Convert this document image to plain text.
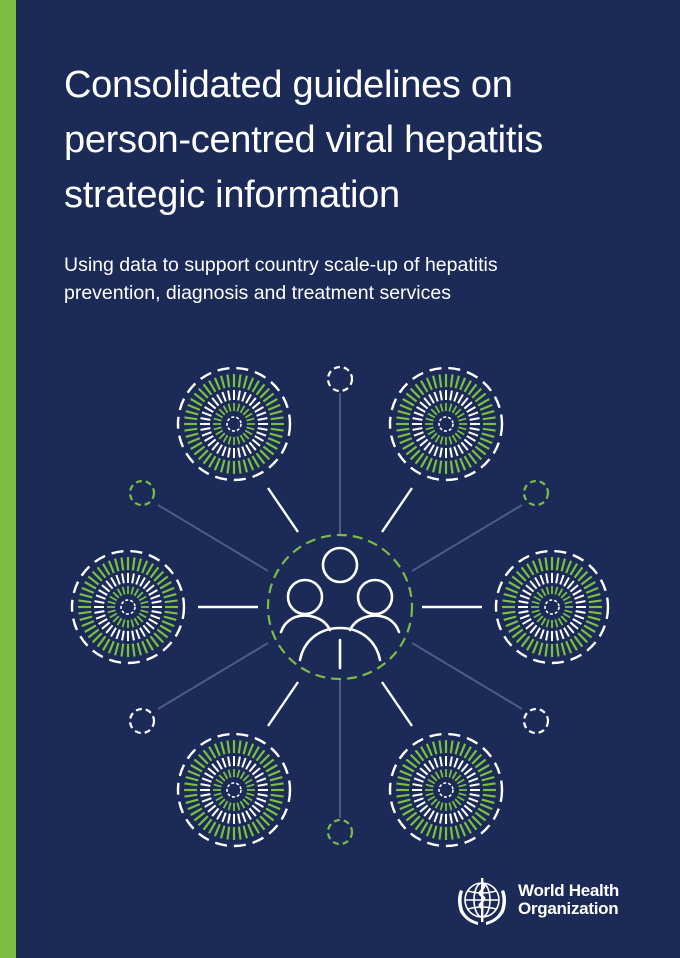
Consolidated guidelines on
person-centred viral hepatitis
strategic information
Using data to support country scale-up of hepatitis
prevention, diagnosis and treatment services
World Health
Organization
